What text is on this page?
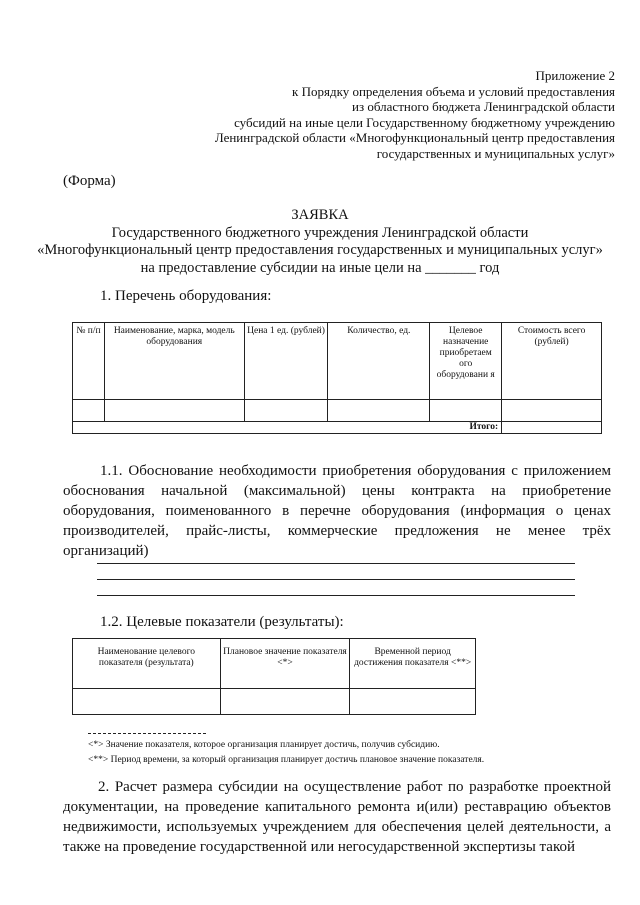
Приложение 2
к Порядку определения объема и условий предоставления
из областного бюджета Ленинградской области
субсидий на иные цели Государственному бюджетному учреждению
Ленинградской области «Многофункциональный центр предоставления
государственных и муниципальных услуг»
(Форма)
ЗАЯВКА
Государственного бюджетного учреждения Ленинградской области
«Многофункциональный центр предоставления государственных и муниципальных услуг»
на предоставление субсидии на иные цели на _______ год
1. Перечень оборудования:
№ п/п	Наименование, марка, модель оборудования	Цена 1 ед. (рублей)	Количество, ед.	Целевое назначение приобретаем ого оборудовани я	Стоимость всего (рублей)

Итого:					
1.1. Обоснование необходимости приобретения оборудования с приложением обоснования начальной (максимальной) цены контракта на приобретение оборудования, поименованного в перечне оборудования (информация о ценах производителей, прайс-листы, коммерческие предложения не менее трёх организаций)
1.2. Целевые показатели (результаты):
Наименование целевого показателя (результата)	Плановое значение показателя <*>	Временной период достижения показателя <**>

<*> Значение показателя, которое организация планирует достичь, получив субсидию.
<**> Период времени, за который организация планирует достичь плановое значение показателя.
2. Расчет размера субсидии на осуществление работ по разработке проектной документации, на проведение капитального ремонта и(или) реставрацию объектов недвижимости, используемых учреждением для обеспечения целей деятельности, а также на проведение государственной или негосударственной экспертизы такой
